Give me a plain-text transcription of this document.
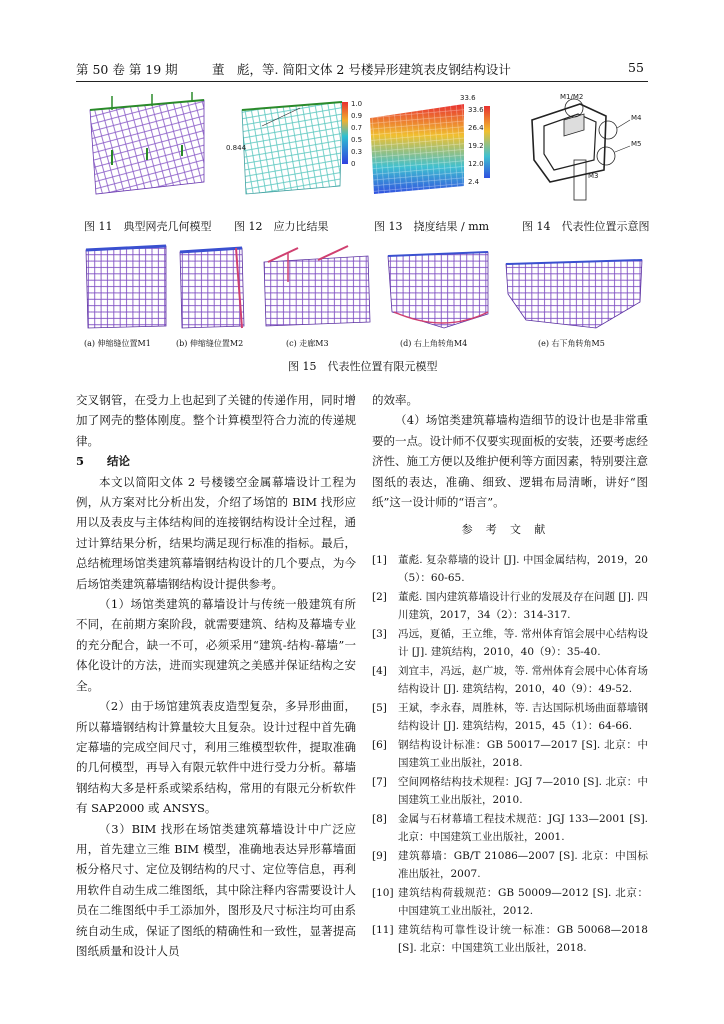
第 50 卷 第 19 期	董　彪，等. 简阳文体 2 号楼异形建筑表皮钢结构设计	55
图 11　典型网壳几何模型
1.0
0.9
0.7
0.5
0.3
0
0.844
图 12　应力比结果
33.6
33.6
26.4
19.2
12.0
2.4
图 13　挠度结果 / mm
M1/M2
M4
M5
M3
图 14　代表性位置示意图
(a) 伸缩缝位置M1	(b) 伸缩缝位置M2	(c) 走廊M3	(d) 右上角转角M4	(e) 右下角转角M5
图 15　代表性位置有限元模型

交叉钢管，在受力上也起到了关键的传递作用，同时增加了网壳的整体刚度。整个计算模型符合力流的传递规律。

5　　 结论

本文以简阳文体 2 号楼镂空金属幕墙设计工程为例，从方案对比分析出发，介绍了场馆的 BIM 找形应用以及表皮与主体结构间的连接钢结构设计全过程，通过计算结果分析，结果均满足现行标准的指标。最后，总结梳理场馆类建筑幕墙钢结构设计的几个要点，为今后场馆类建筑幕墙钢结构设计提供参考。

（1）场馆类建筑的幕墙设计与传统一般建筑有所不同，在前期方案阶段，就需要建筑、结构及幕墙专业的充分配合，缺一不可，必须采用“建筑-结构-幕墙”一体化设计的方法，进而实现建筑之美感并保证结构之安全。

（2）由于场馆建筑表皮造型复杂，多异形曲面，所以幕墙钢结构计算量较大且复杂。设计过程中首先确定幕墙的完成空间尺寸，利用三维模型软件，提取准确的几何模型，再导入有限元软件中进行受力分析。幕墙钢结构大多是杆系或梁系结构，常用的有限元分析软件有 SAP2000 或 ANSYS。

（3）BIM 找形在场馆类建筑幕墙设计中广泛应用，首先建立三维 BIM 模型，准确地表达异形幕墙面板分格尺寸、定位及钢结构的尺寸、定位等信息，再利用软件自动生成二维图纸，其中除注释内容需要设计人员在二维图纸中手工添加外，图形及尺寸标注均可由系统自动生成，保证了图纸的精确性和一致性，显著提高图纸质量和设计人员

的效率。

（4）场馆类建筑幕墙构造细节的设计也是非常重要的一点。设计师不仅要实现面板的安装，还要考虑经济性、施工方便以及维护便利等方面因素，特别要注意图纸的表达，准确、细致、逻辑布局清晰，讲好“图纸”这一设计师的“语言”。

参考文献
[1]	董彪. 复杂幕墙的设计 [J]. 中国金属结构，2019，20（5）：60-65.
[2]	董彪. 国内建筑幕墙设计行业的发展及存在问题 [J]. 四川建筑，2017，34（2）：314-317.
[3]	冯远，夏循，王立维，等. 常州体育馆会展中心结构设计 [J]. 建筑结构，2010，40（9）：35-40.
[4]	刘宜丰，冯远，赵广坡，等. 常州体育会展中心体育场结构设计 [J]. 建筑结构，2010，40（9）：49-52.
[5]	王斌，李永春，周胜林，等. 吉达国际机场曲面幕墙钢结构设计 [J]. 建筑结构，2015，45（1）：64-66.
[6]	钢结构设计标准：GB 50017—2017 [S]. 北京：中国建筑工业出版社，2018.
[7]	空间网格结构技术规程：JGJ 7—2010 [S]. 北京：中国建筑工业出版社，2010.
[8]	金属与石材幕墙工程技术规范：JGJ 133—2001 [S]. 北京：中国建筑工业出版社，2001.
[9]	建筑幕墙：GB/T 21086—2007 [S]. 北京：中国标准出版社，2007.
[10] 建筑结构荷载规范：GB 50009—2012 [S]. 北京：中国建筑工业出版社，2012.
[11] 建筑结构可靠性设计统一标准：GB 50068—2018 [S]. 北京：中国建筑工业出版社，2018.
